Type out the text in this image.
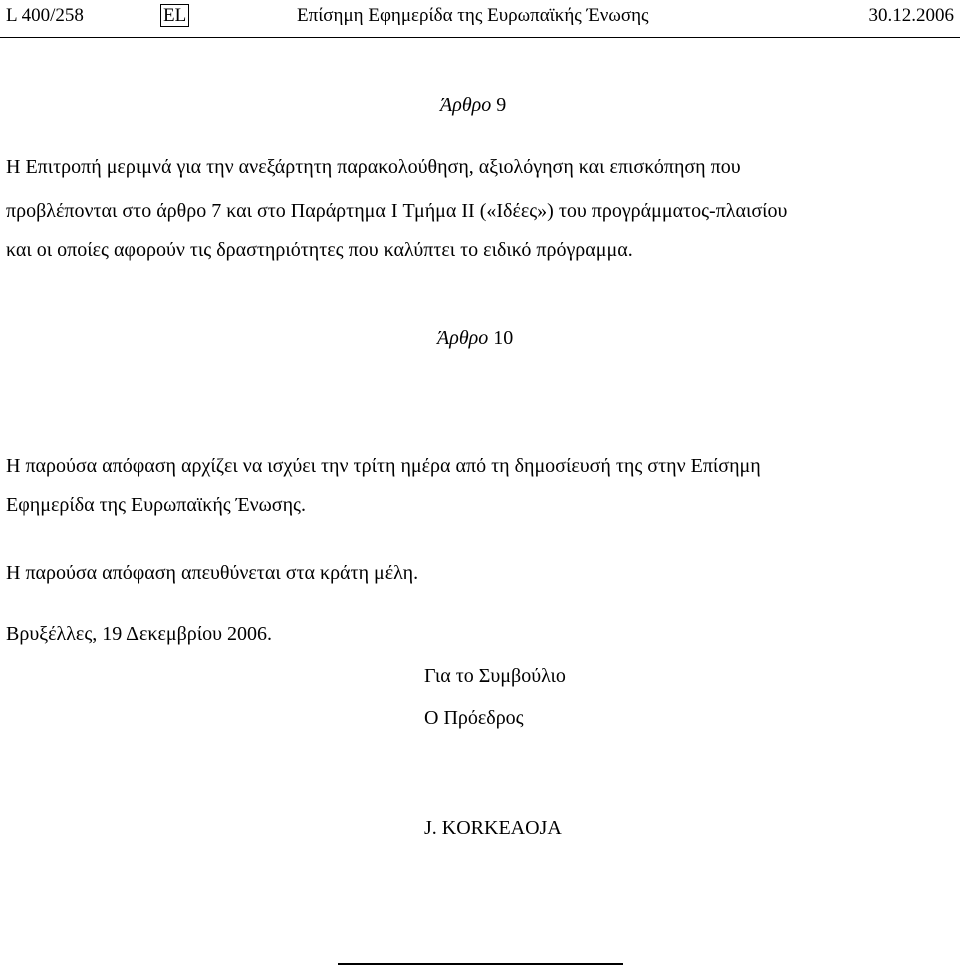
L 400/258	EL	Επίσημη Εφημερίδα της Ευρωπαϊκής Ένωσης	30.12.2006
Άρθρο 9
Η Επιτροπή μεριμνά για την ανεξάρτητη παρακολούθηση, αξιολόγηση και επισκόπηση που
προβλέπονται στο άρθρο 7 και στο Παράρτημα I Τμήμα II («Ιδέες») του προγράμματος-πλαισίου
και οι οποίες αφορούν τις δραστηριότητες που καλύπτει το ειδικό πρόγραμμα.
Άρθρο 10
Η παρούσα απόφαση αρχίζει να ισχύει την τρίτη ημέρα από τη δημοσίευσή της στην Επίσημη
Εφημερίδα της Ευρωπαϊκής Ένωσης.
Η παρούσα απόφαση απευθύνεται στα κράτη μέλη.
Βρυξέλλες, 19 Δεκεμβρίου 2006.
Για το Συμβούλιο
Ο Πρόεδρος
J. KORKEAOJA
